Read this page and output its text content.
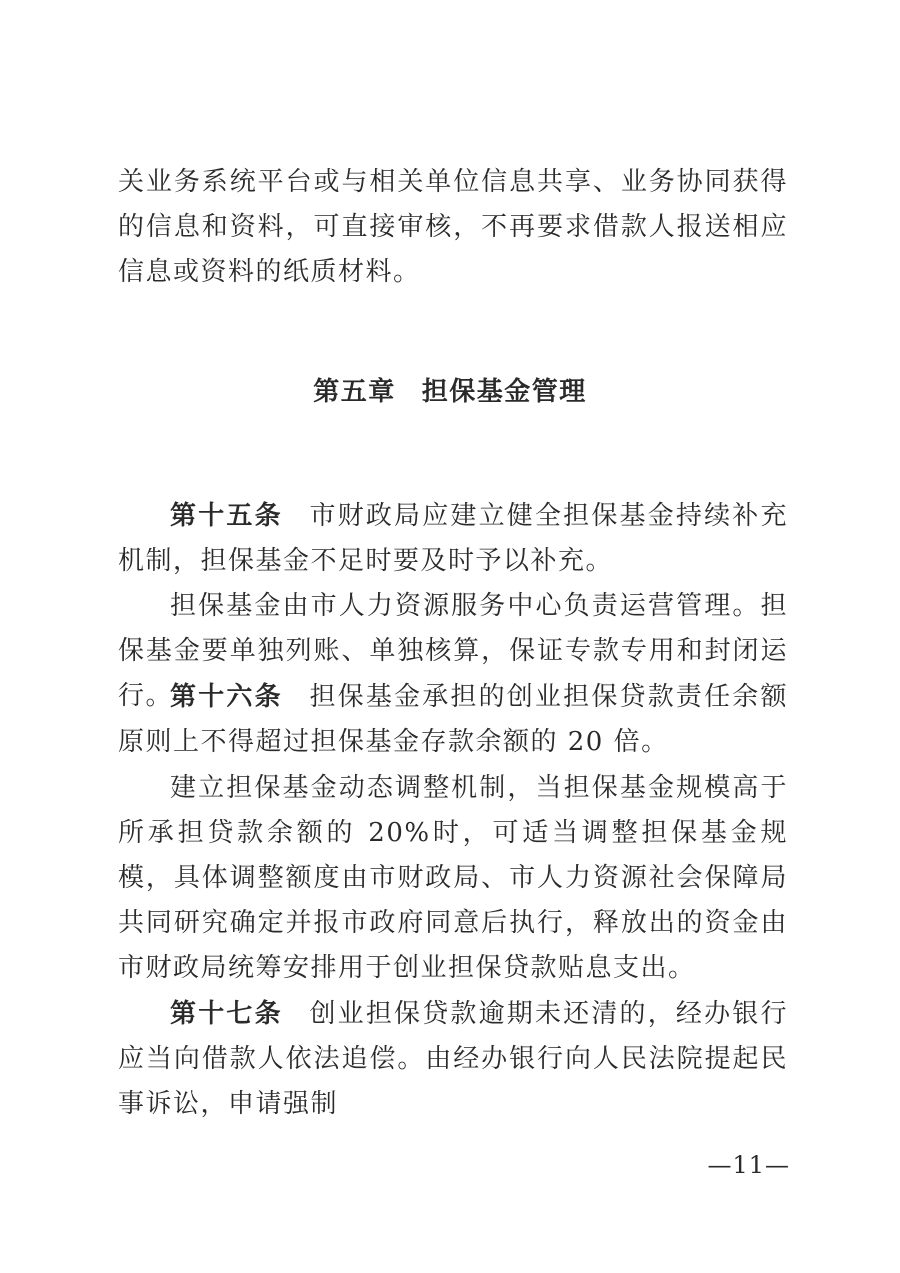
关业务系统平台或与相关单位信息共享、业务协同获得的信息和资料，可直接审核，不再要求借款人报送相应信息或资料的纸质材料。

第五章 担保基金管理

第十五条 市财政局应建立健全担保基金持续补充机制，担保基金不足时要及时予以补充。

担保基金由市人力资源服务中心负责运营管理。担保基金要单独列账、单独核算，保证专款专用和封闭运行。

第十六条 担保基金承担的创业担保贷款责任余额原则上不得超过担保基金存款余额的 20 倍。

建立担保基金动态调整机制，当担保基金规模高于所承担贷款余额的 20%时，可适当调整担保基金规模，具体调整额度由市财政局、市人力资源社会保障局共同研究确定并报市政府同意后执行，释放出的资金由市财政局统筹安排用于创业担保贷款贴息支出。

第十七条 创业担保贷款逾期未还清的，经办银行应当向借款人依法追偿。由经办银行向人民法院提起民事诉讼，申请强制

—11—
